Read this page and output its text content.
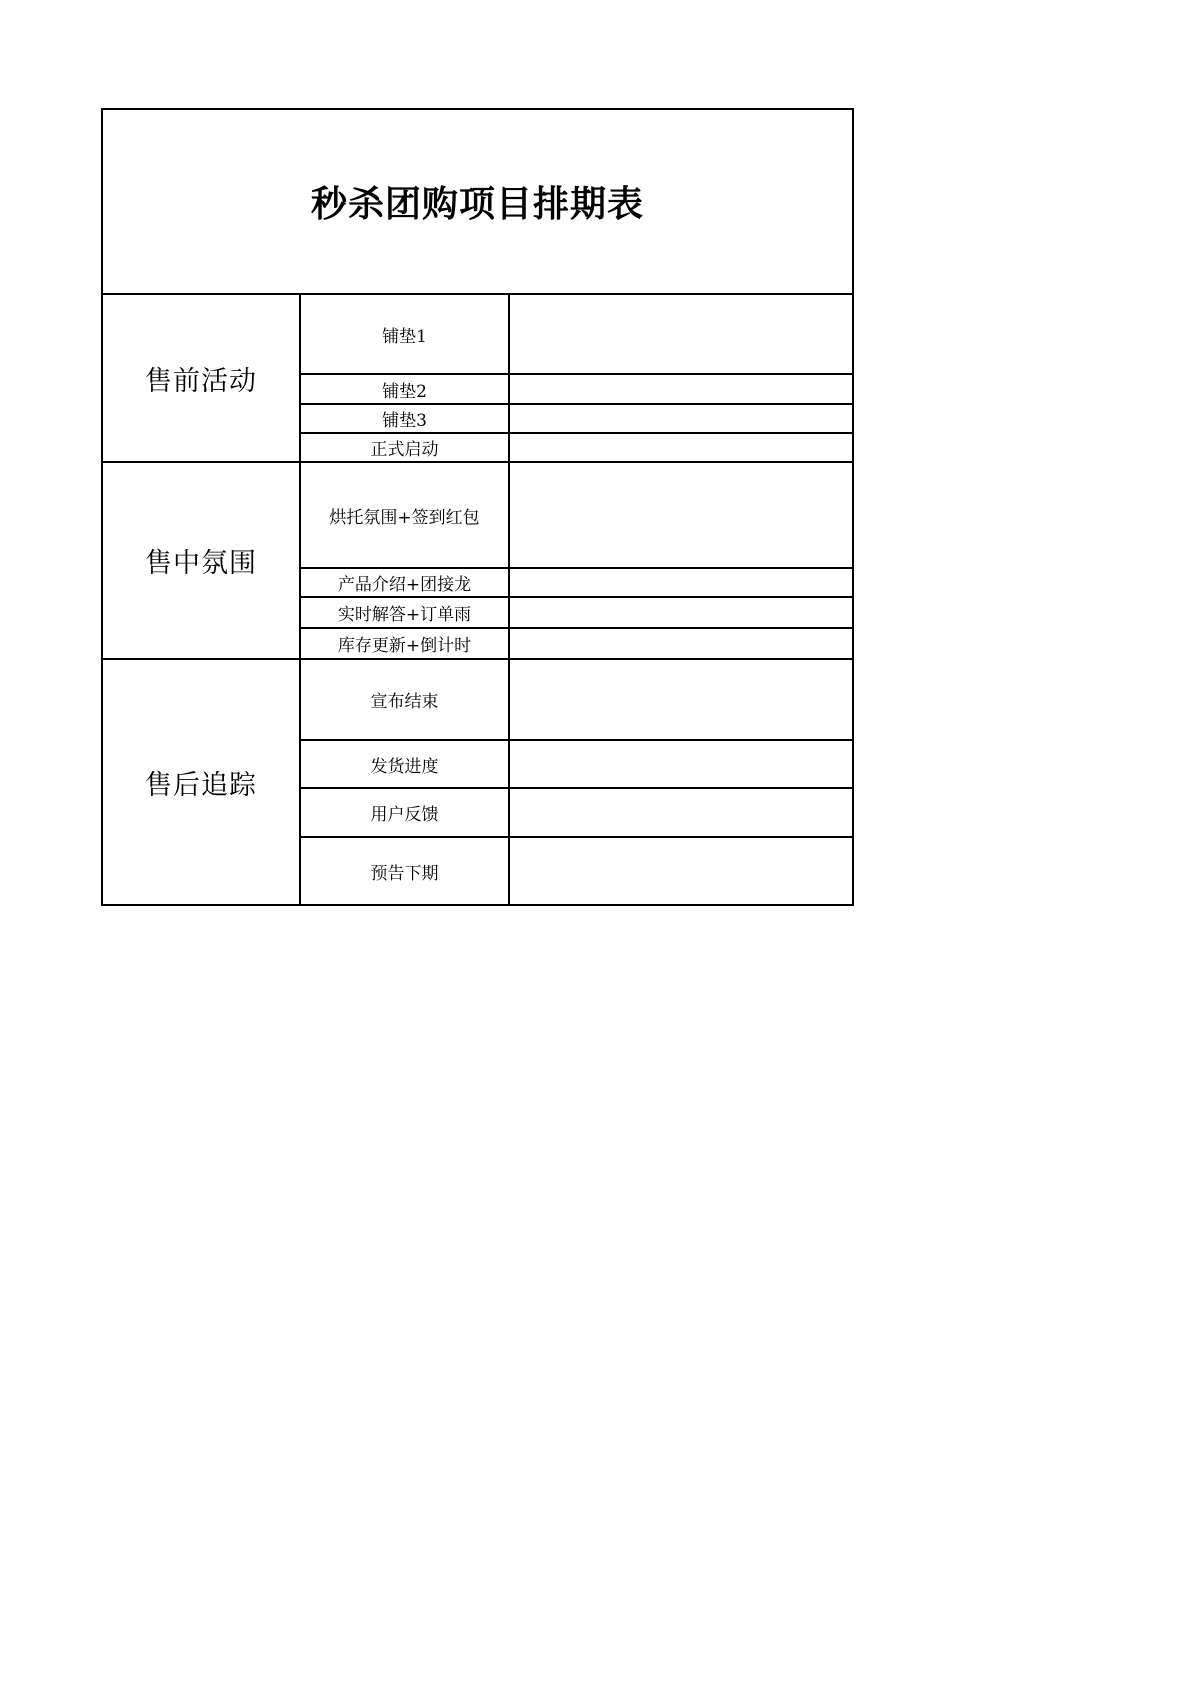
秒杀团购项目排期表		
售前活动	铺垫1	
	铺垫2	
	铺垫3	
	正式启动	
售中氛围	烘托氛围+签到红包	
	产品介绍+团接龙	
	实时解答+订单雨	
	库存更新+倒计时	
售后追踪	宣布结束	
	发货进度	
	用户反馈	
	预告下期	
